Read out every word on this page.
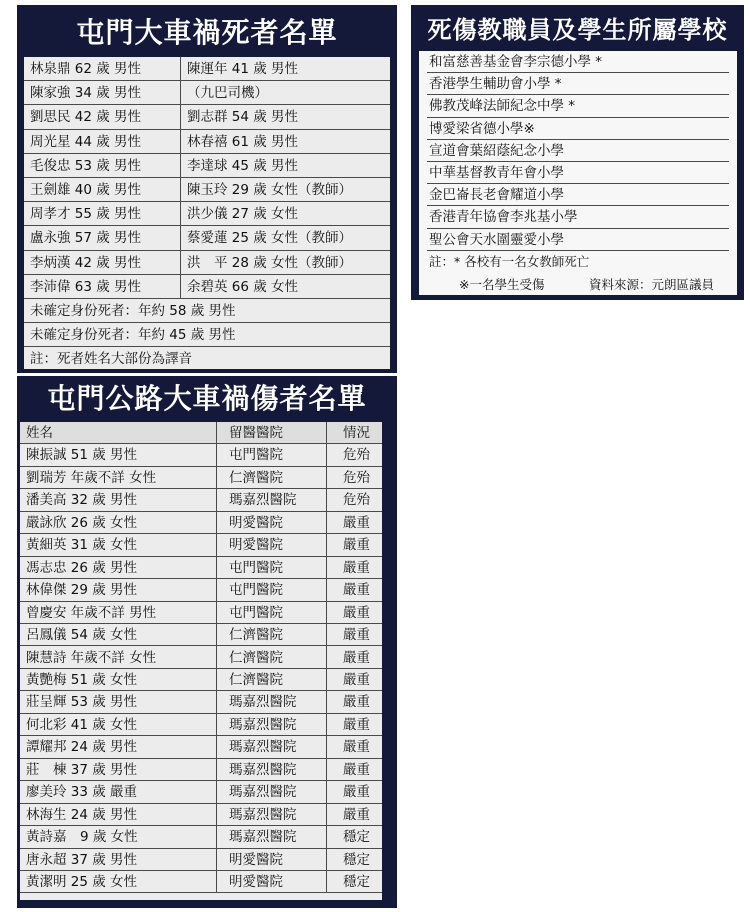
屯門大車禍死者名單
林泉鼎 62 歲 男性	陳運年 41 歲 男性
陳家強 34 歲 男性	（九巴司機）
劉思民 42 歲 男性	劉志群 54 歲 男性
周光星 44 歲 男性	林春禧 61 歲 男性
毛俊忠 53 歲 男性	李達球 45 歲 男性
王劍雄 40 歲 男性	陳玉玲 29 歲 女性（教師）
周孝才 55 歲 男性	洪少儀 27 歲 女性
盧永強 57 歲 男性	蔡愛蓮 25 歲 女性（教師）
李炳漢 42 歲 男性	洪　平 28 歲 女性（教師）
李沛偉 63 歲 男性	余碧英 66 歲 女性
未確定身份死者：年約 58 歲 男性
未確定身份死者：年約 45 歲 男性
註：死者姓名大部份為譯音
屯門公路大車禍傷者名單
姓名	留醫醫院	情況
陳振誠 51 歲 男性	屯門醫院	危殆
劉瑞芳 年歲不詳 女性	仁濟醫院	危殆
潘美高 32 歲 男性	瑪嘉烈醫院	危殆
嚴詠欣 26 歲 女性	明愛醫院	嚴重
黃細英 31 歲 女性	明愛醫院	嚴重
馮志忠 26 歲 男性	屯門醫院	嚴重
林偉傑 29 歲 男性	屯門醫院	嚴重
曾慶安 年歲不詳 男性	屯門醫院	嚴重
呂鳳儀 54 歲 女性	仁濟醫院	嚴重
陳慧詩 年歲不詳 女性	仁濟醫院	嚴重
黃艷梅 51 歲 女性	仁濟醫院	嚴重
莊呈輝 53 歲 男性	瑪嘉烈醫院	嚴重
何北彩 41 歲 女性	瑪嘉烈醫院	嚴重
譚耀邦 24 歲 男性	瑪嘉烈醫院	嚴重
莊　棟 37 歲 男性	瑪嘉烈醫院	嚴重
廖美玲 33 歲 嚴重	瑪嘉烈醫院	嚴重
林海生 24 歲 男性	瑪嘉烈醫院	嚴重
黃詩嘉　9 歲 女性	瑪嘉烈醫院	穩定
唐永超 37 歲 男性	明愛醫院	穩定
黃潔明 25 歲 女性	明愛醫院	穩定
死傷教職員及學生所屬學校
和富慈善基金會李宗德小學 *
香港學生輔助會小學 *
佛教茂峰法師紀念中學 *
博愛梁省德小學※
宣道會葉紹蔭紀念小學
中華基督教青年會小學
金巴崙長老會耀道小學
香港青年協會李兆基小學
聖公會天水圍靈愛小學
註：* 各校有一名女教師死亡
※一名學生受傷	資料來源：元朗區議員
